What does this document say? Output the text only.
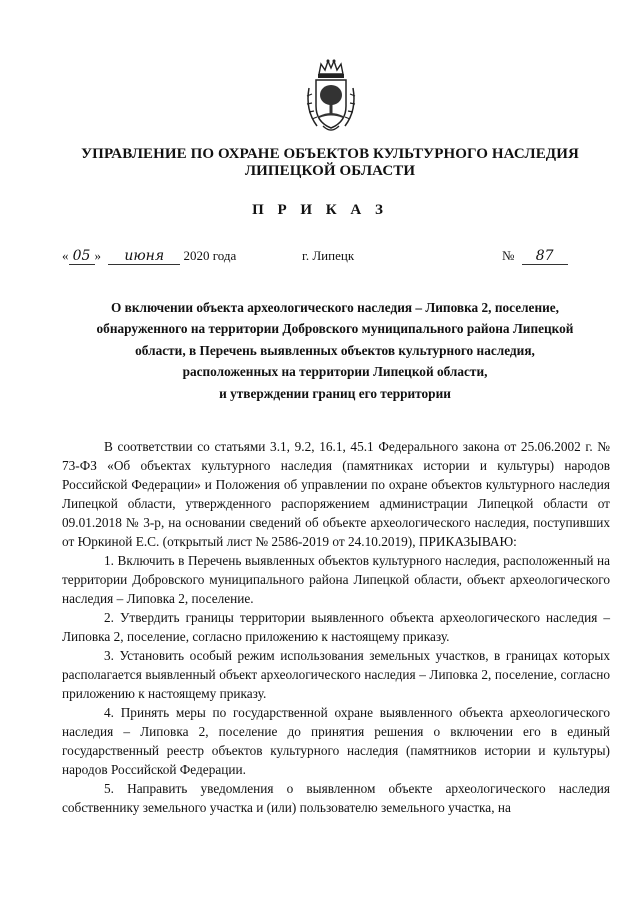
УПРАВЛЕНИЕ ПО ОХРАНЕ ОБЪЕКТОВ КУЛЬТУРНОГО НАСЛЕДИЯ
ЛИПЕЦКОЙ ОБЛАСТИ
П Р И К А З
« 05 » июня 2020 года	г. Липецк	№ 87
О включении объекта археологического наследия – Липовка 2, поселение,
обнаруженного на территории Добровского муниципального района Липецкой
области, в Перечень выявленных объектов культурного наследия,
расположенных на территории Липецкой области,
и утверждении границ его территории

В соответствии со статьями 3.1, 9.2, 16.1, 45.1 Федерального закона от 25.06.2002 г. № 73-ФЗ «Об объектах культурного наследия (памятниках истории и культуры) народов Российской Федерации» и Положения об управлении по охране объектов культурного наследия Липецкой области, утвержденного распоряжением администрации Липецкой области от 09.01.2018 № 3-р, на основании сведений об объекте археологического наследия, поступивших от Юркиной Е.С. (открытый лист № 2586-2019 от 24.10.2019), ПРИКАЗЫВАЮ:

1. Включить в Перечень выявленных объектов культурного наследия, расположенный на территории Добровского муниципального района Липецкой области, объект археологического наследия – Липовка 2, поселение.

2. Утвердить границы территории выявленного объекта археологического наследия – Липовка 2, поселение, согласно приложению к настоящему приказу.

3. Установить особый режим использования земельных участков, в границах которых располагается выявленный объект археологического наследия – Липовка 2, поселение, согласно приложению к настоящему приказу.

4. Принять меры по государственной охране выявленного объекта археологического наследия – Липовка 2, поселение до принятия решения о включении его в единый государственный реестр объектов культурного наследия (памятников истории и культуры) народов Российской Федерации.

5. Направить уведомления о выявленном объекте археологического наследия собственнику земельного участка и (или) пользователю земельного участка, на
